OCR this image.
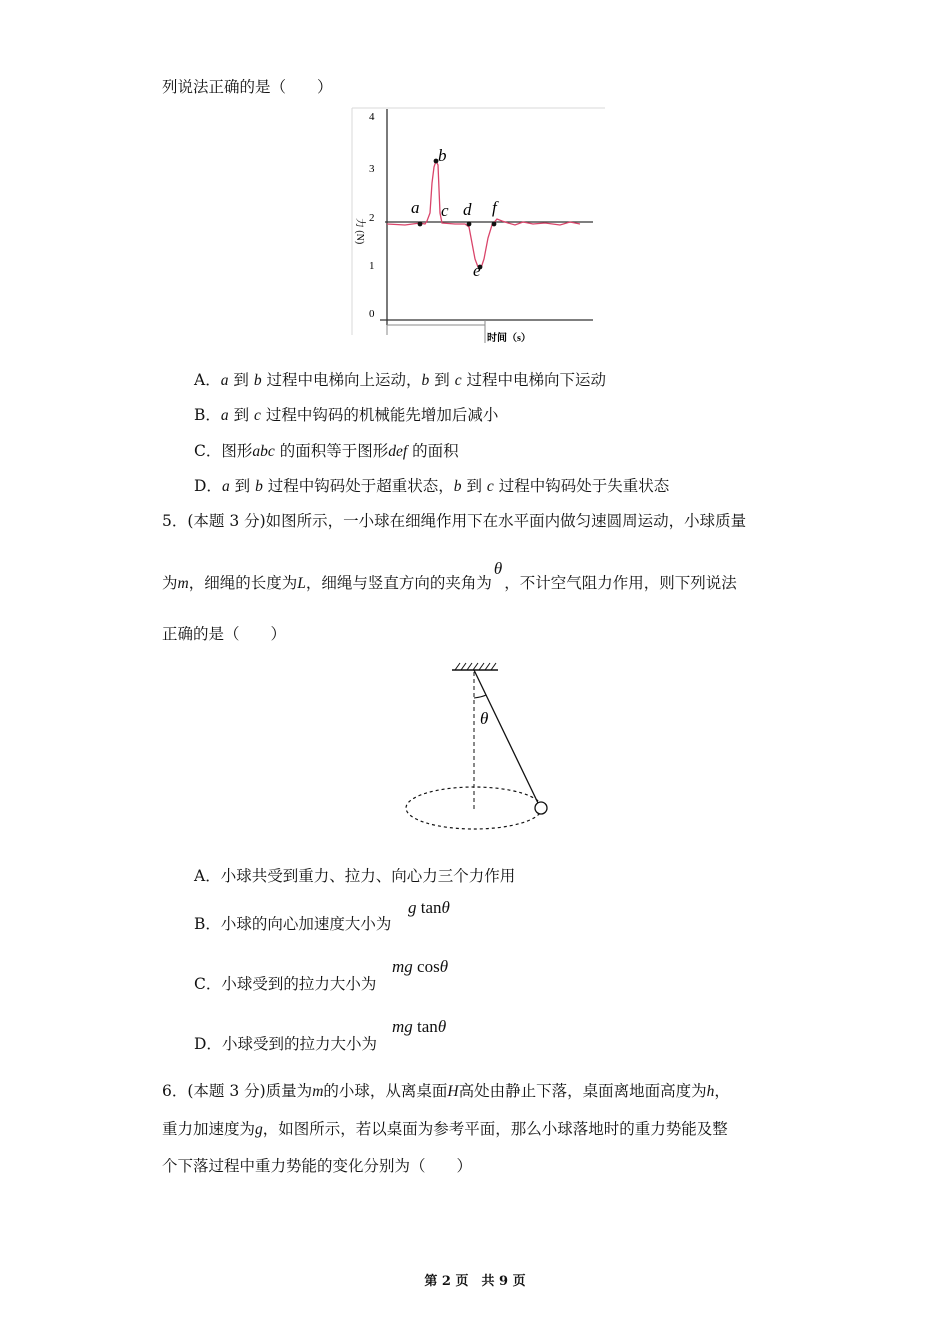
列说法正确的是（　　）
4
3
2
1
0
力 (N)
时间（s）
a
b
c d
e
f
A．a 到 b 过程中电梯向上运动，b 到 c 过程中电梯向下运动
B．a 到 c 过程中钩码的机械能先增加后减小
C．图形abc 的面积等于图形def 的面积
D．a 到 b 过程中钩码处于超重状态，b 到 c 过程中钩码处于失重状态
5．(本题 3 分)如图所示，一小球在细绳作用下在水平面内做匀速圆周运动，小球质量
为m，细绳的长度为L，细绳与竖直方向的夹角为θ，不计空气阻力作用，则下列说法
正确的是（　　）
θ
A．小球共受到重力、拉力、向心力三个力作用
B．小球的向心加速度大小为
g tanθ
C．小球受到的拉力大小为
mg cosθ
D．小球受到的拉力大小为
mg tanθ
6．(本题 3 分)质量为m的小球，从离桌面H高处由静止下落，桌面离地面高度为h，
重力加速度为g，如图所示，若以桌面为参考平面，那么小球落地时的重力势能及整
个下落过程中重力势能的变化分别为（　　）
第 2 页　共 9 页
